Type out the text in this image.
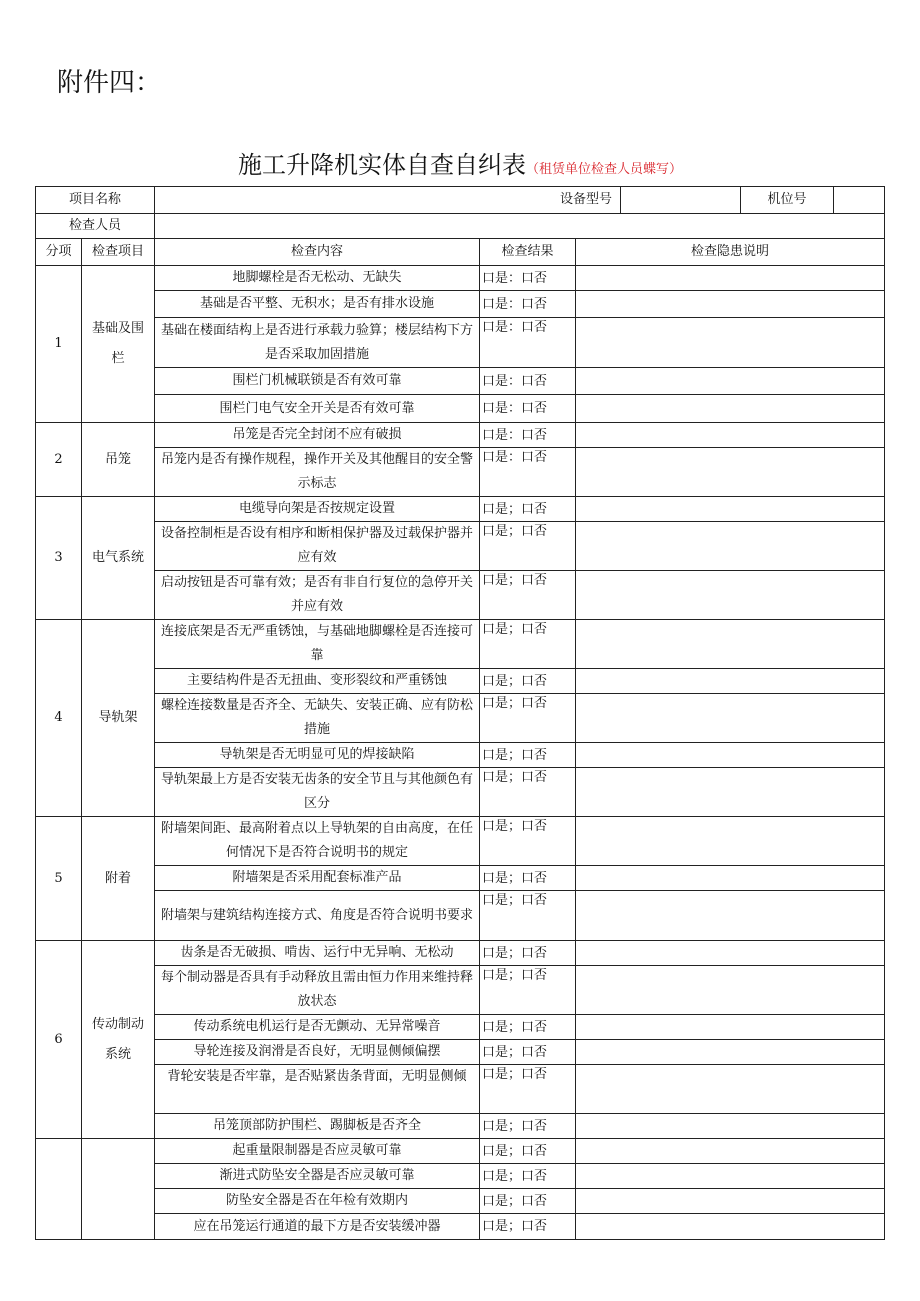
附件四：
施工升降机实体自查自纠表（租赁单位检查人员蝶写）
项目名称		设备型号 机位号		

检查人员				
分项	检查项目	检查内容	检查结果	检查隐患说明
1	基础及围栏	地脚螺栓是否无松动、无缺失	口是：口否	
		基础是否平整、无积水；是否有排水设施	口是：口否	
		基础在楼面结构上是否进行承载力验算；楼层结构下方是否采取加固措施	口是：口否	
		围栏门机械联锁是否有效可靠	口是：口否	
		围栏门电气安全开关是否有效可靠	口是：口否	
2	吊笼	吊笼是否完全封闭不应有破损	口是：口否	
		吊笼内是否有操作规程，操作开关及其他醒目的安全警示标志	口是：口否	
3	电气系统	电缆导向架是否按规定设置	口是；口否	
		设备控制柜是否设有相序和断相保护器及过载保护器并应有效	口是；口否	
		启动按钮是否可靠有效；是否有非自行复位的急停开关并应有效	口是；口否	
4	导轨架	连接底架是否无严重锈蚀，与基础地脚螺栓是否连接可靠	口是；口否	
		主要结构件是否无扭曲、变形裂纹和严重锈蚀	口是；口否	
		螺栓连接数量是否齐全、无缺失、安装正确、应有防松措施	口是；口否	
		导轨架是否无明显可见的焊接缺陷	口是；口否	
		导轨架最上方是否安装无齿条的安全节且与其他颜色有区分	口是；口否	
5	附着	附墙架间距、最高附着点以上导轨架的自由高度，在任何情况下是否符合说明书的规定	口是；口否	
		附墙架是否采用配套标准产品	口是；口否	
		附墙架与建筑结构连接方式、角度是否符合说明书要求	口是；口否	
6	传动制动系统	齿条是否无破损、啃齿、运行中无异响、无松动	口是；口否	
		每个制动器是否具有手动释放且需由恒力作用来维持释放状态	口是；口否	
		传动系统电机运行是否无颤动、无异常噪音	口是；口否	
		导轮连接及润滑是否良好，无明显侧倾偏摆	口是；口否	
		背轮安装是否牢靠，是否贴紧齿条背面，无明显侧倾	口是；口否	
		吊笼顶部防护围栏、踢脚板是否齐全	口是；口否	
		起重量限制器是否应灵敏可靠	口是；口否	
		渐进式防坠安全器是否应灵敏可靠	口是；口否	
		防坠安全器是否在年检有效期内	口是；口否	
		应在吊笼运行通道的最下方是否安装缓冲器	口是；口否	
